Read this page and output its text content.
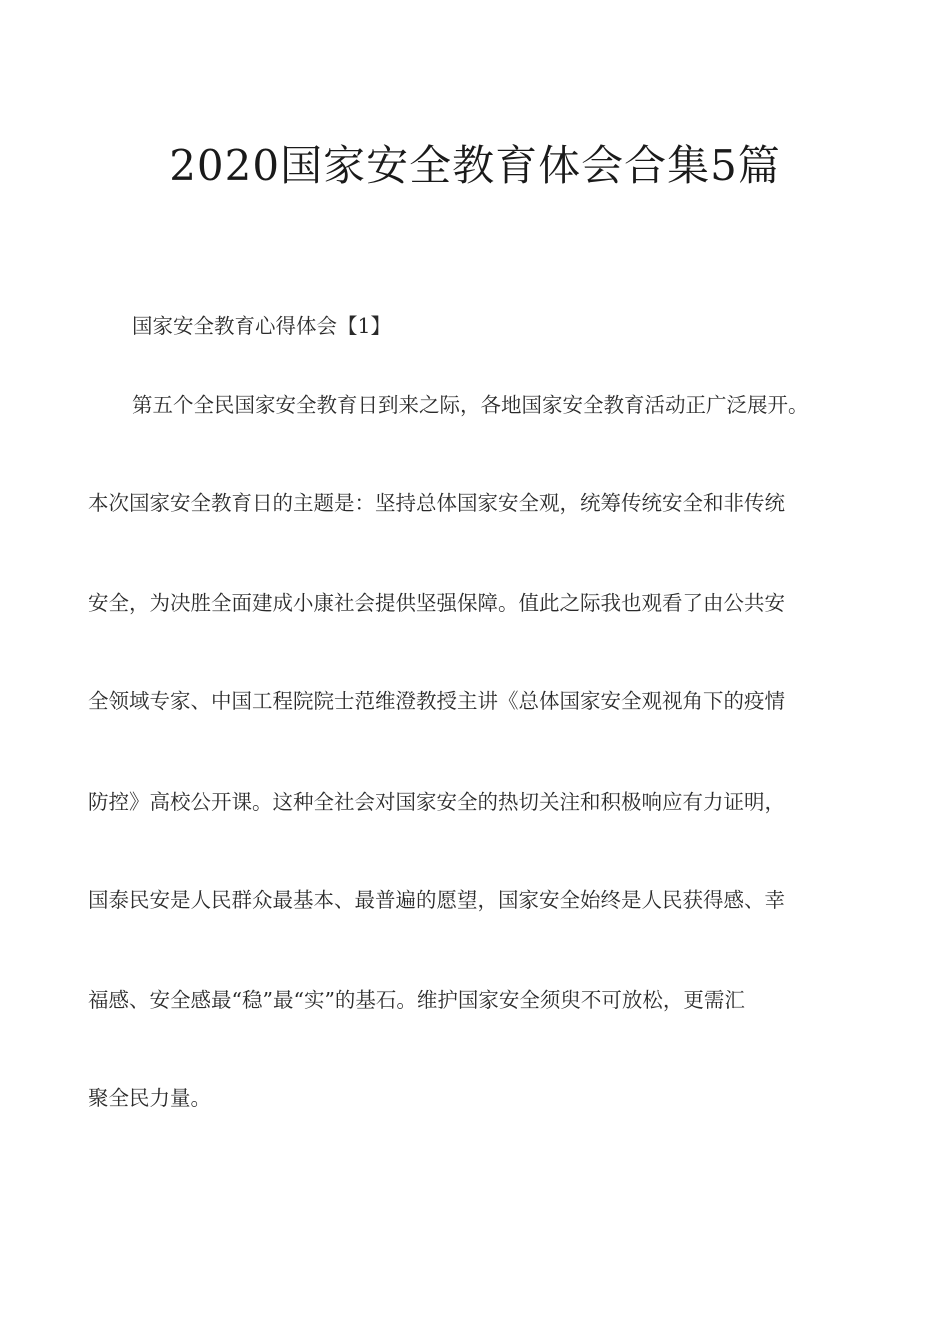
2020国家安全教育体会合集5篇
国家安全教育心得体会【1】
第五个全民国家安全教育日到来之际，各地国家安全教育活动正广泛展开。
本次国家安全教育日的主题是：坚持总体国家安全观，统筹传统安全和非传统
安全，为决胜全面建成小康社会提供坚强保障。值此之际我也观看了由公共安
全领域专家、中国工程院院士范维澄教授主讲《总体国家安全观视角下的疫情
防控》高校公开课。这种全社会对国家安全的热切关注和积极响应有力证明，
国泰民安是人民群众最基本、最普遍的愿望，国家安全始终是人民获得感、幸
福感、安全感最“稳”最“实”的基石。维护国家安全须臾不可放松，更需汇
聚全民力量。
